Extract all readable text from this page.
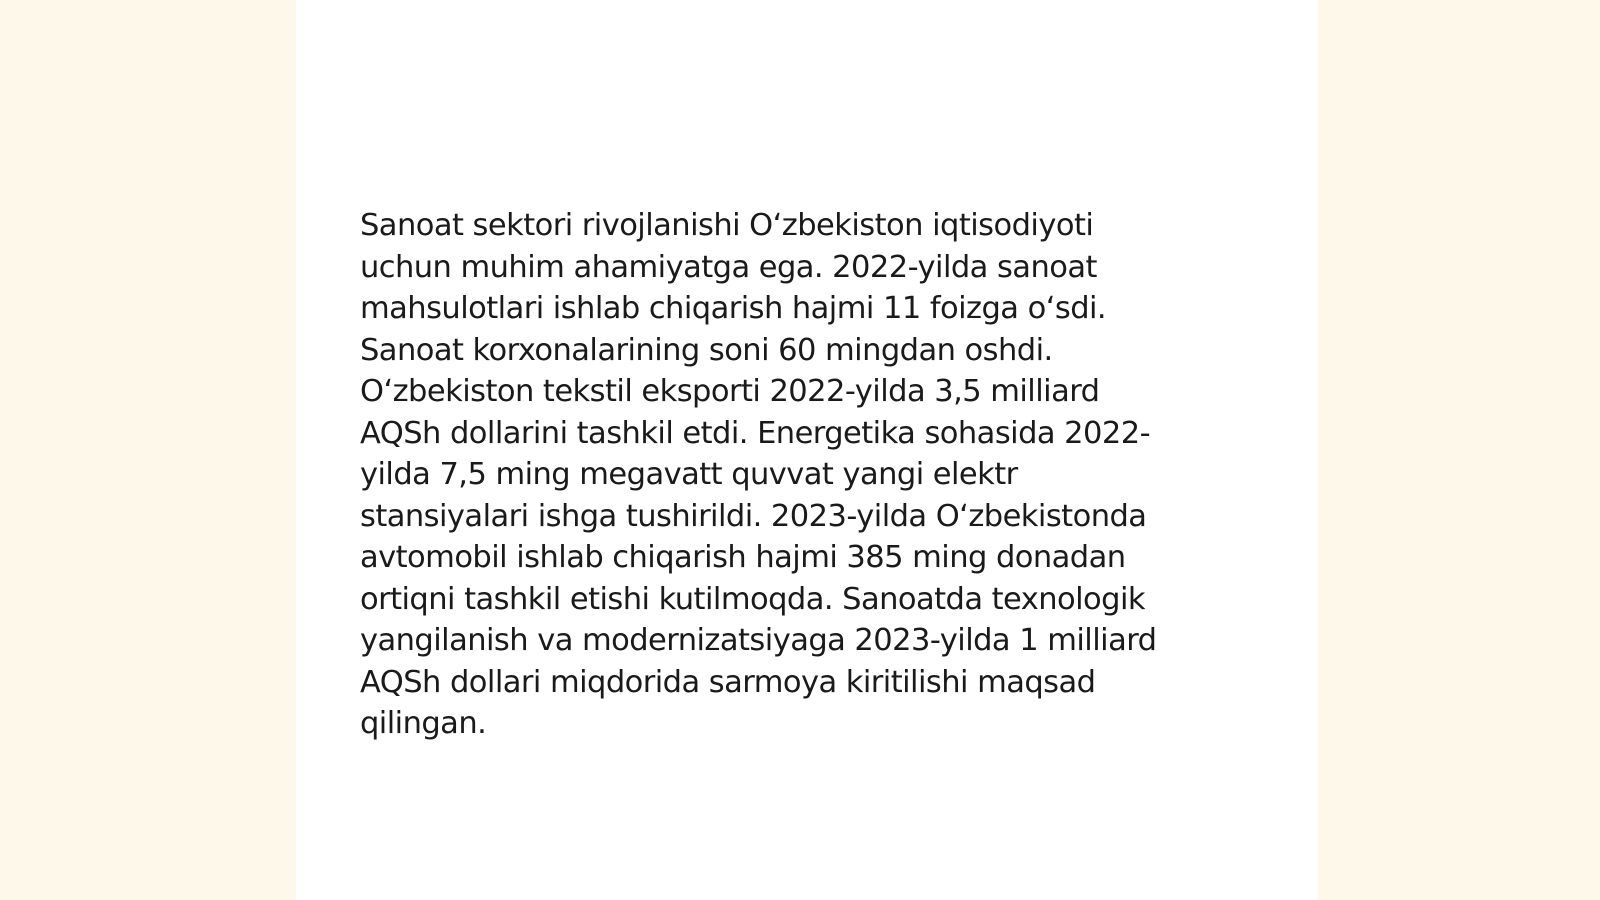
Sanoat sektori rivojlanishi O‘zbekiston iqtisodiyoti
uchun muhim ahamiyatga ega. 2022-yilda sanoat
mahsulotlari ishlab chiqarish hajmi 11 foizga o‘sdi.
Sanoat korxonalarining soni 60 mingdan oshdi.
O‘zbekiston tekstil eksporti 2022-yilda 3,5 milliard
AQSh dollarini tashkil etdi. Energetika sohasida 2022-
yilda 7,5 ming megavatt quvvat yangi elektr
stansiyalari ishga tushirildi. 2023-yilda O‘zbekistonda
avtomobil ishlab chiqarish hajmi 385 ming donadan
ortiqni tashkil etishi kutilmoqda. Sanoatda texnologik
yangilanish va modernizatsiyaga 2023-yilda 1 milliard
AQSh dollari miqdorida sarmoya kiritilishi maqsad
qilingan.
